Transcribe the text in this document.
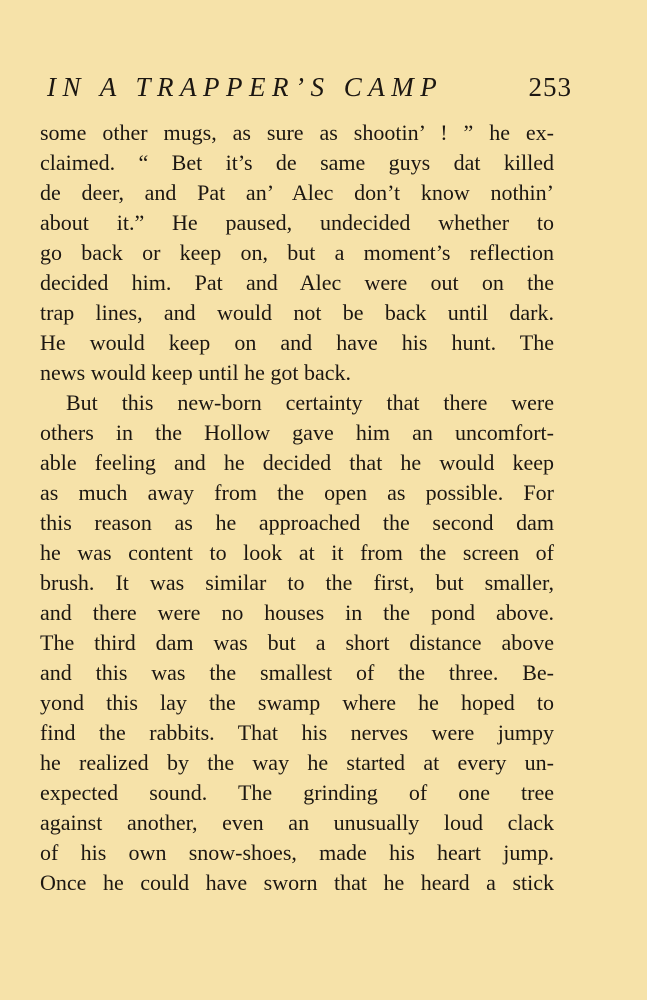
IN A TRAPPER’S CAMP	253
some other mugs, as sure as shootin’ ! ” he ex-
claimed. “ Bet it’s de same guys dat killed
de deer, and Pat an’ Alec don’t know nothin’
about it.” He paused, undecided whether to
go back or keep on, but a moment’s reflection
decided him. Pat and Alec were out on the
trap lines, and would not be back until dark.
He would keep on and have his hunt. The
news would keep until he got back.
But this new-born certainty that there were
others in the Hollow gave him an uncomfort-
able feeling and he decided that he would keep
as much away from the open as possible. For
this reason as he approached the second dam
he was content to look at it from the screen of
brush. It was similar to the first, but smaller,
and there were no houses in the pond above.
The third dam was but a short distance above
and this was the smallest of the three. Be-
yond this lay the swamp where he hoped to
find the rabbits. That his nerves were jumpy
he realized by the way he started at every un-
expected sound. The grinding of one tree
against another, even an unusually loud clack
of his own snow-shoes, made his heart jump.
Once he could have sworn that he heard a stick
